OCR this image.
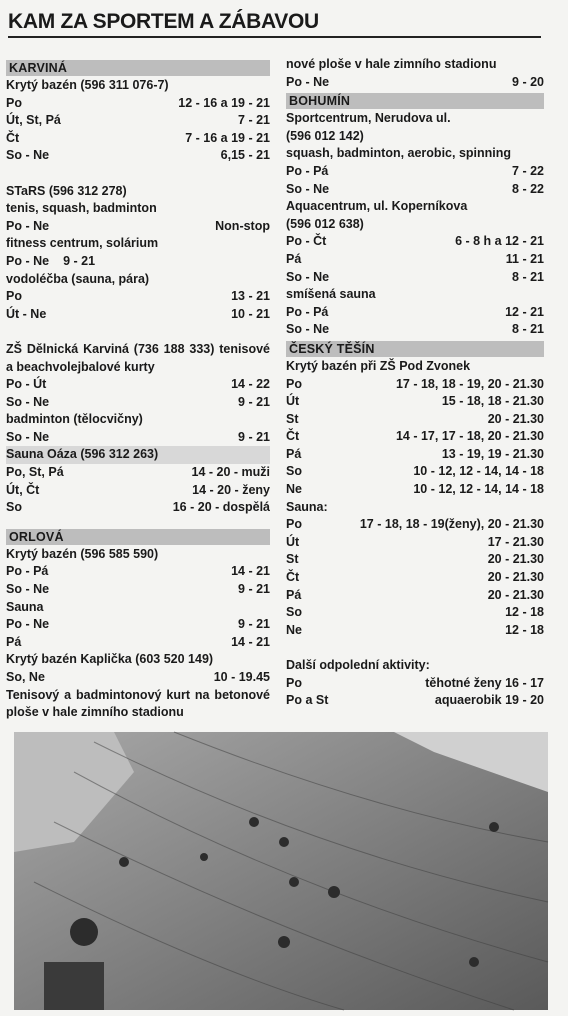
KAM ZA SPORTEM A ZÁBAVOU
KARVINÁ
Krytý bazén (596 311 076-7)
Po	12 - 16 a 19 - 21
Út, St, Pá	7 - 21
Čt	7 - 16 a 19 - 21
So - Ne	6,15 - 21
STaRS (596 312 278)
tenis, squash, badminton
Po - Ne	Non-stop
fitness centrum, solárium
Po - Ne 9 - 21
vodoléčba (sauna, pára)
Po	13 - 21
Út - Ne	10 - 21
ZŠ Dělnická Karviná (736 188 333) tenisové a beachvolejbalové kurty
Po - Út	14 - 22
So - Ne	9 - 21
badminton (tělocvičny)
So - Ne	9 - 21
Sauna Oáza (596 312 263)
Po, St, Pá	14 - 20 - muži
Út, Čt	14 - 20 - ženy
So	16 - 20 - dospělá
ORLOVÁ
Krytý bazén (596 585 590)
Po - Pá	14 - 21
So - Ne	9 - 21
Sauna
Po - Ne	9 - 21
Pá	14 - 21
Krytý bazén Kaplička (603 520 149)
So, Ne	10 - 19.45
Tenisový a badmintonový kurt na betonové ploše v hale zimního stadionu
nové ploše v hale zimního stadionu
Po - Ne	9 - 20
BOHUMÍN
Sportcentrum, Nerudova ul.
(596 012 142)
squash, badminton, aerobic, spinning
Po - Pá	7 - 22
So - Ne	8 - 22
Aquacentrum, ul. Koperníkova
(596 012 638)
Po - Čt	6 - 8 h a 12 - 21
Pá	11 - 21
So - Ne	8 - 21
smíšená sauna
Po - Pá	12 - 21
So - Ne	8 - 21
ČESKÝ TĚŠÍN
Krytý bazén při ZŠ Pod Zvonek
Po	17 - 18, 18 - 19, 20 - 21.30
Út	15 - 18, 18 - 21.30
St	20 - 21.30
Čt	14 - 17, 17 - 18, 20 - 21.30
Pá	13 - 19, 19 - 21.30
So	10 - 12, 12 - 14, 14 - 18
Ne	10 - 12, 12 - 14, 14 - 18
Sauna:
Po	17 - 18, 18 - 19(ženy), 20 - 21.30
Út	17 - 21.30
St	20 - 21.30
Čt	20 - 21.30
Pá	20 - 21.30
So	12 - 18
Ne	12 - 18
Další odpolední aktivity:
Po	těhotné ženy 16 - 17
Po a St	aquaerobik 19 - 20
